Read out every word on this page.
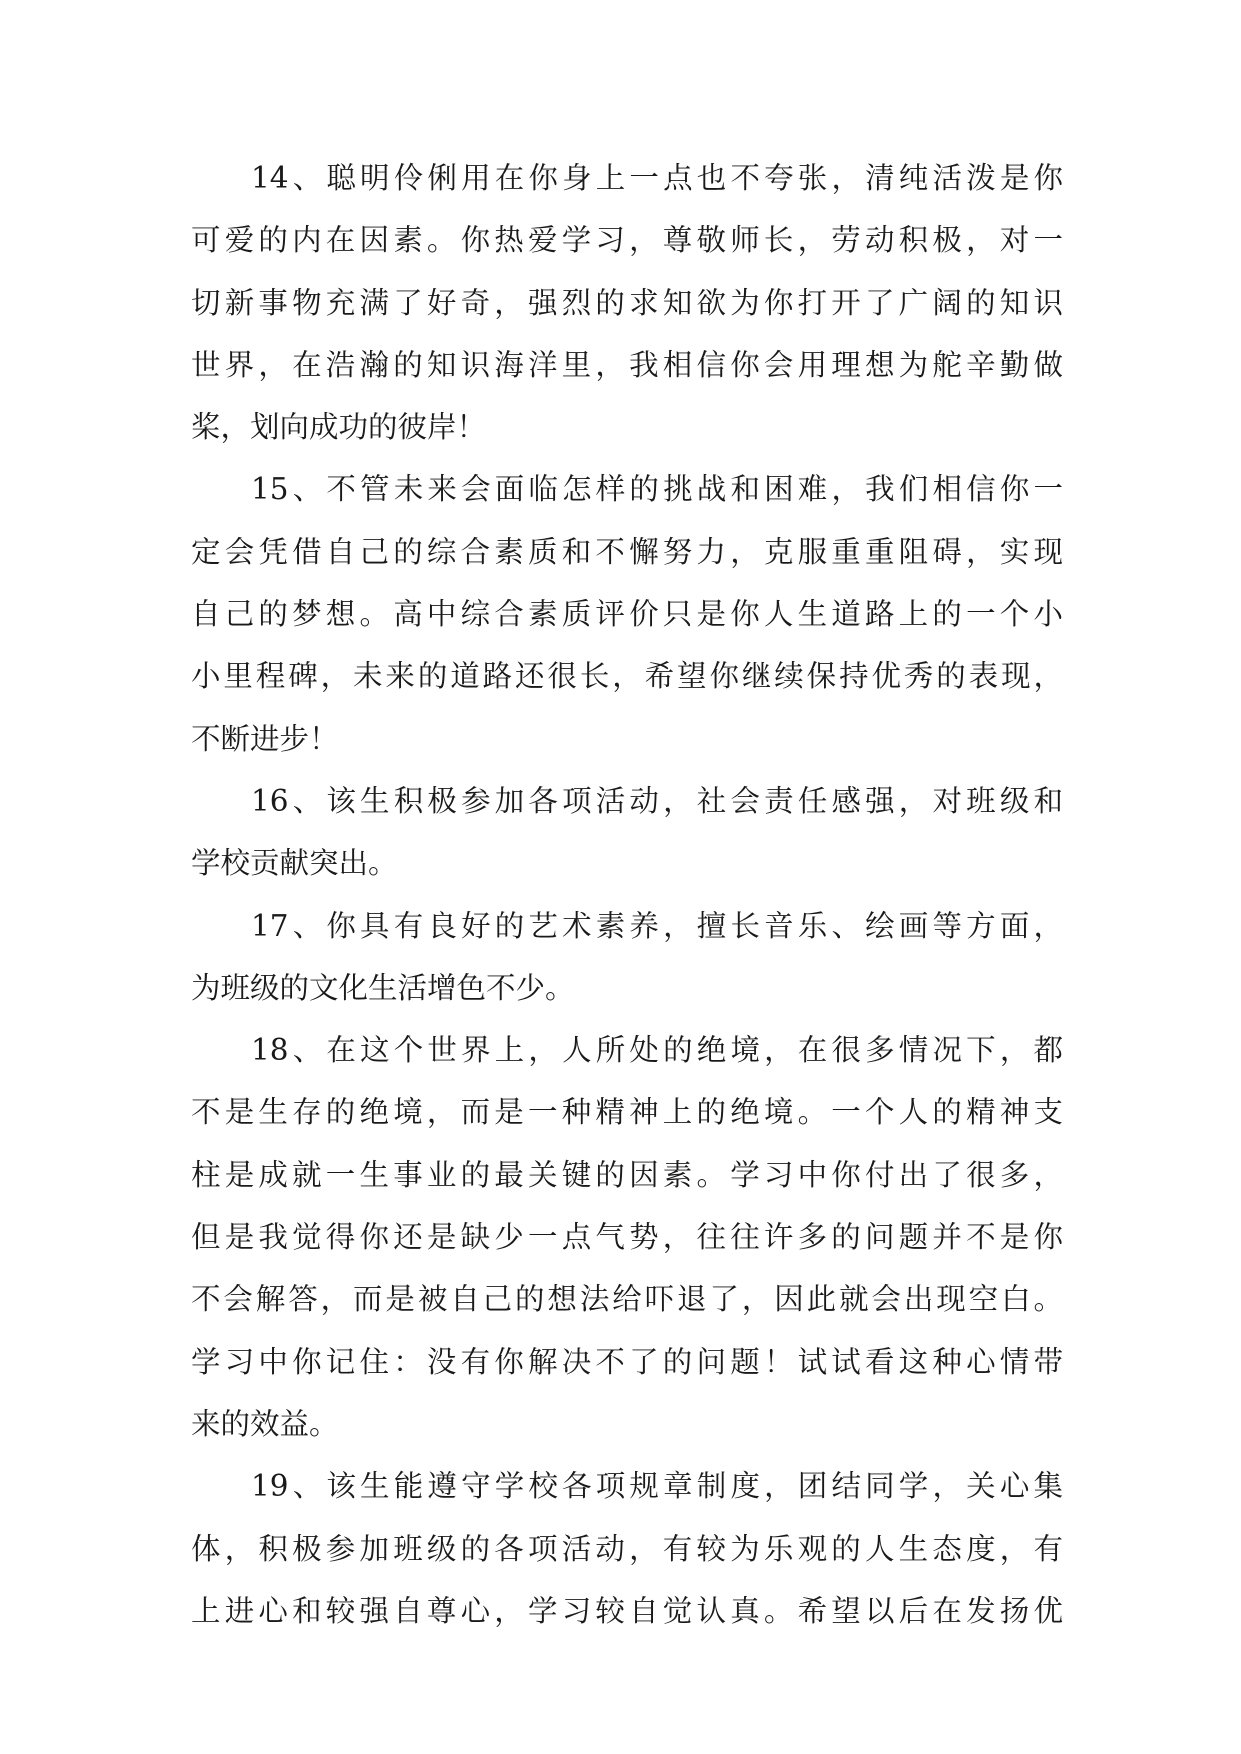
14、聪明伶俐用在你身上一点也不夸张，清纯活泼是你
可爱的内在因素。你热爱学习，尊敬师长，劳动积极，对一
切新事物充满了好奇，强烈的求知欲为你打开了广阔的知识
世界，在浩瀚的知识海洋里，我相信你会用理想为舵辛勤做
桨，划向成功的彼岸！
15、不管未来会面临怎样的挑战和困难，我们相信你一
定会凭借自己的综合素质和不懈努力，克服重重阻碍，实现
自己的梦想。高中综合素质评价只是你人生道路上的一个小
小里程碑，未来的道路还很长，希望你继续保持优秀的表现，
不断进步！
16、该生积极参加各项活动，社会责任感强，对班级和
学校贡献突出。
17、你具有良好的艺术素养，擅长音乐、绘画等方面，
为班级的文化生活增色不少。
18、在这个世界上，人所处的绝境，在很多情况下，都
不是生存的绝境，而是一种精神上的绝境。一个人的精神支
柱是成就一生事业的最关键的因素。学习中你付出了很多，
但是我觉得你还是缺少一点气势，往往许多的问题并不是你
不会解答，而是被自己的想法给吓退了，因此就会出现空白。
学习中你记住：没有你解决不了的问题！试试看这种心情带
来的效益。
19、该生能遵守学校各项规章制度，团结同学，关心集
体，积极参加班级的各项活动，有较为乐观的人生态度，有
上进心和较强自尊心，学习较自觉认真。希望以后在发扬优
